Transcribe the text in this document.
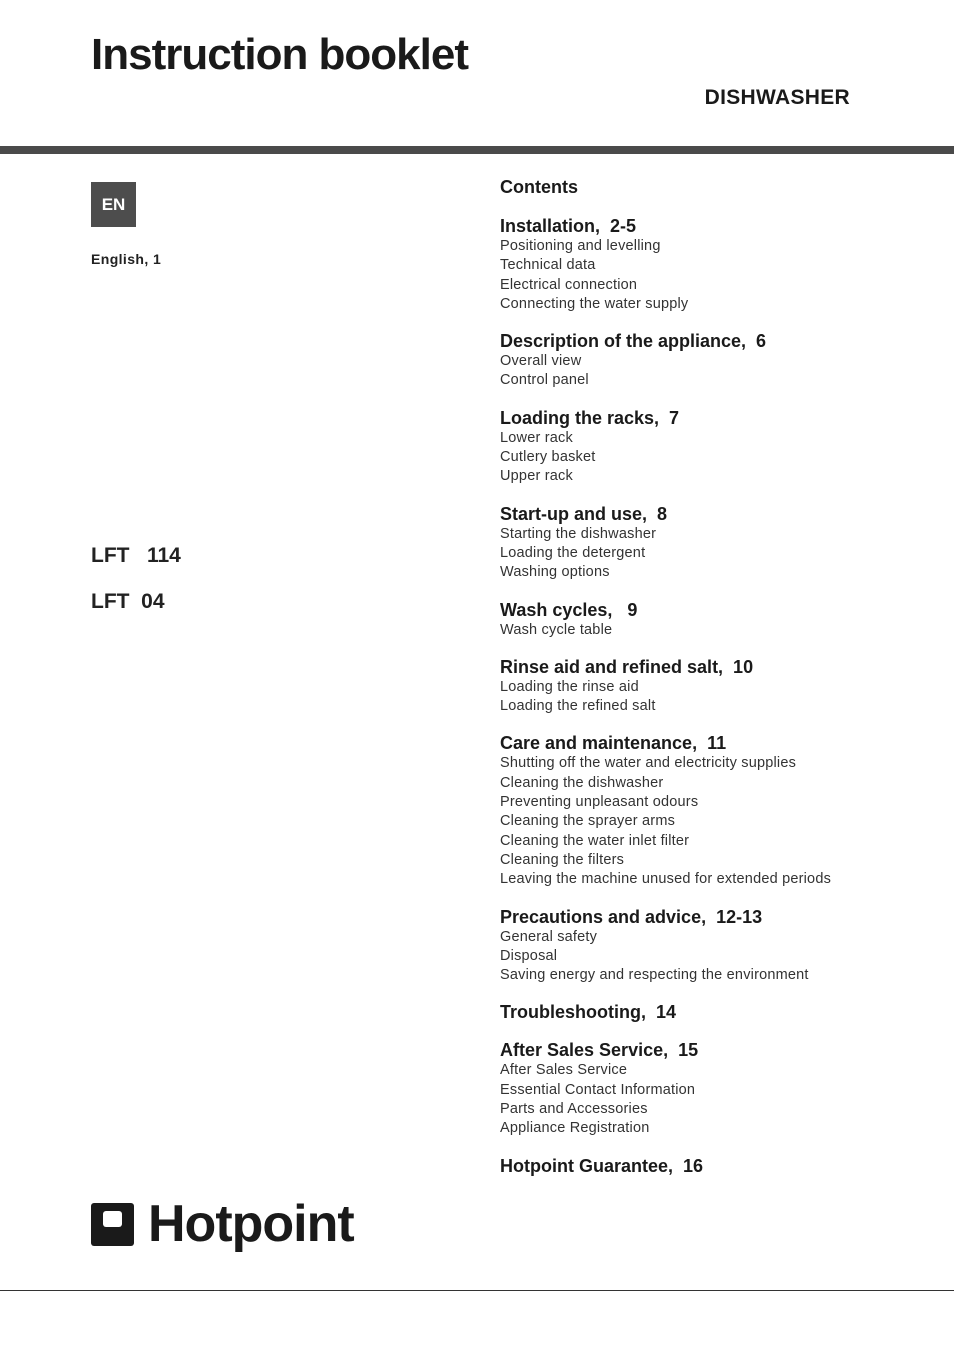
Instruction booklet
DISHWASHER
EN
English, 1
LFT   114
LFT  04
Contents
Installation,  2-5
Positioning and levelling
Technical data
Electrical connection
Connecting the water supply
Description of the appliance,  6
Overall view
Control panel
Loading the racks,  7
Lower rack
Cutlery basket
Upper rack
Start-up and use,  8
Starting the dishwasher
Loading the detergent
Washing options
Wash cycles,   9
Wash cycle table
Rinse aid and refined salt,  10
Loading the rinse aid
Loading the refined salt
Care and maintenance,  11
Shutting off the water and electricity supplies
Cleaning the dishwasher
Preventing unpleasant odours
Cleaning the sprayer arms
Cleaning the water inlet filter
Cleaning the filters
Leaving the machine unused for extended periods
Precautions and advice,  12-13
General safety
Disposal
Saving energy and respecting the environment
Troubleshooting,  14
After Sales Service,  15
After Sales Service
Essential Contact Information
Parts and Accessories
Appliance Registration
Hotpoint Guarantee,  16
Hotpoint
